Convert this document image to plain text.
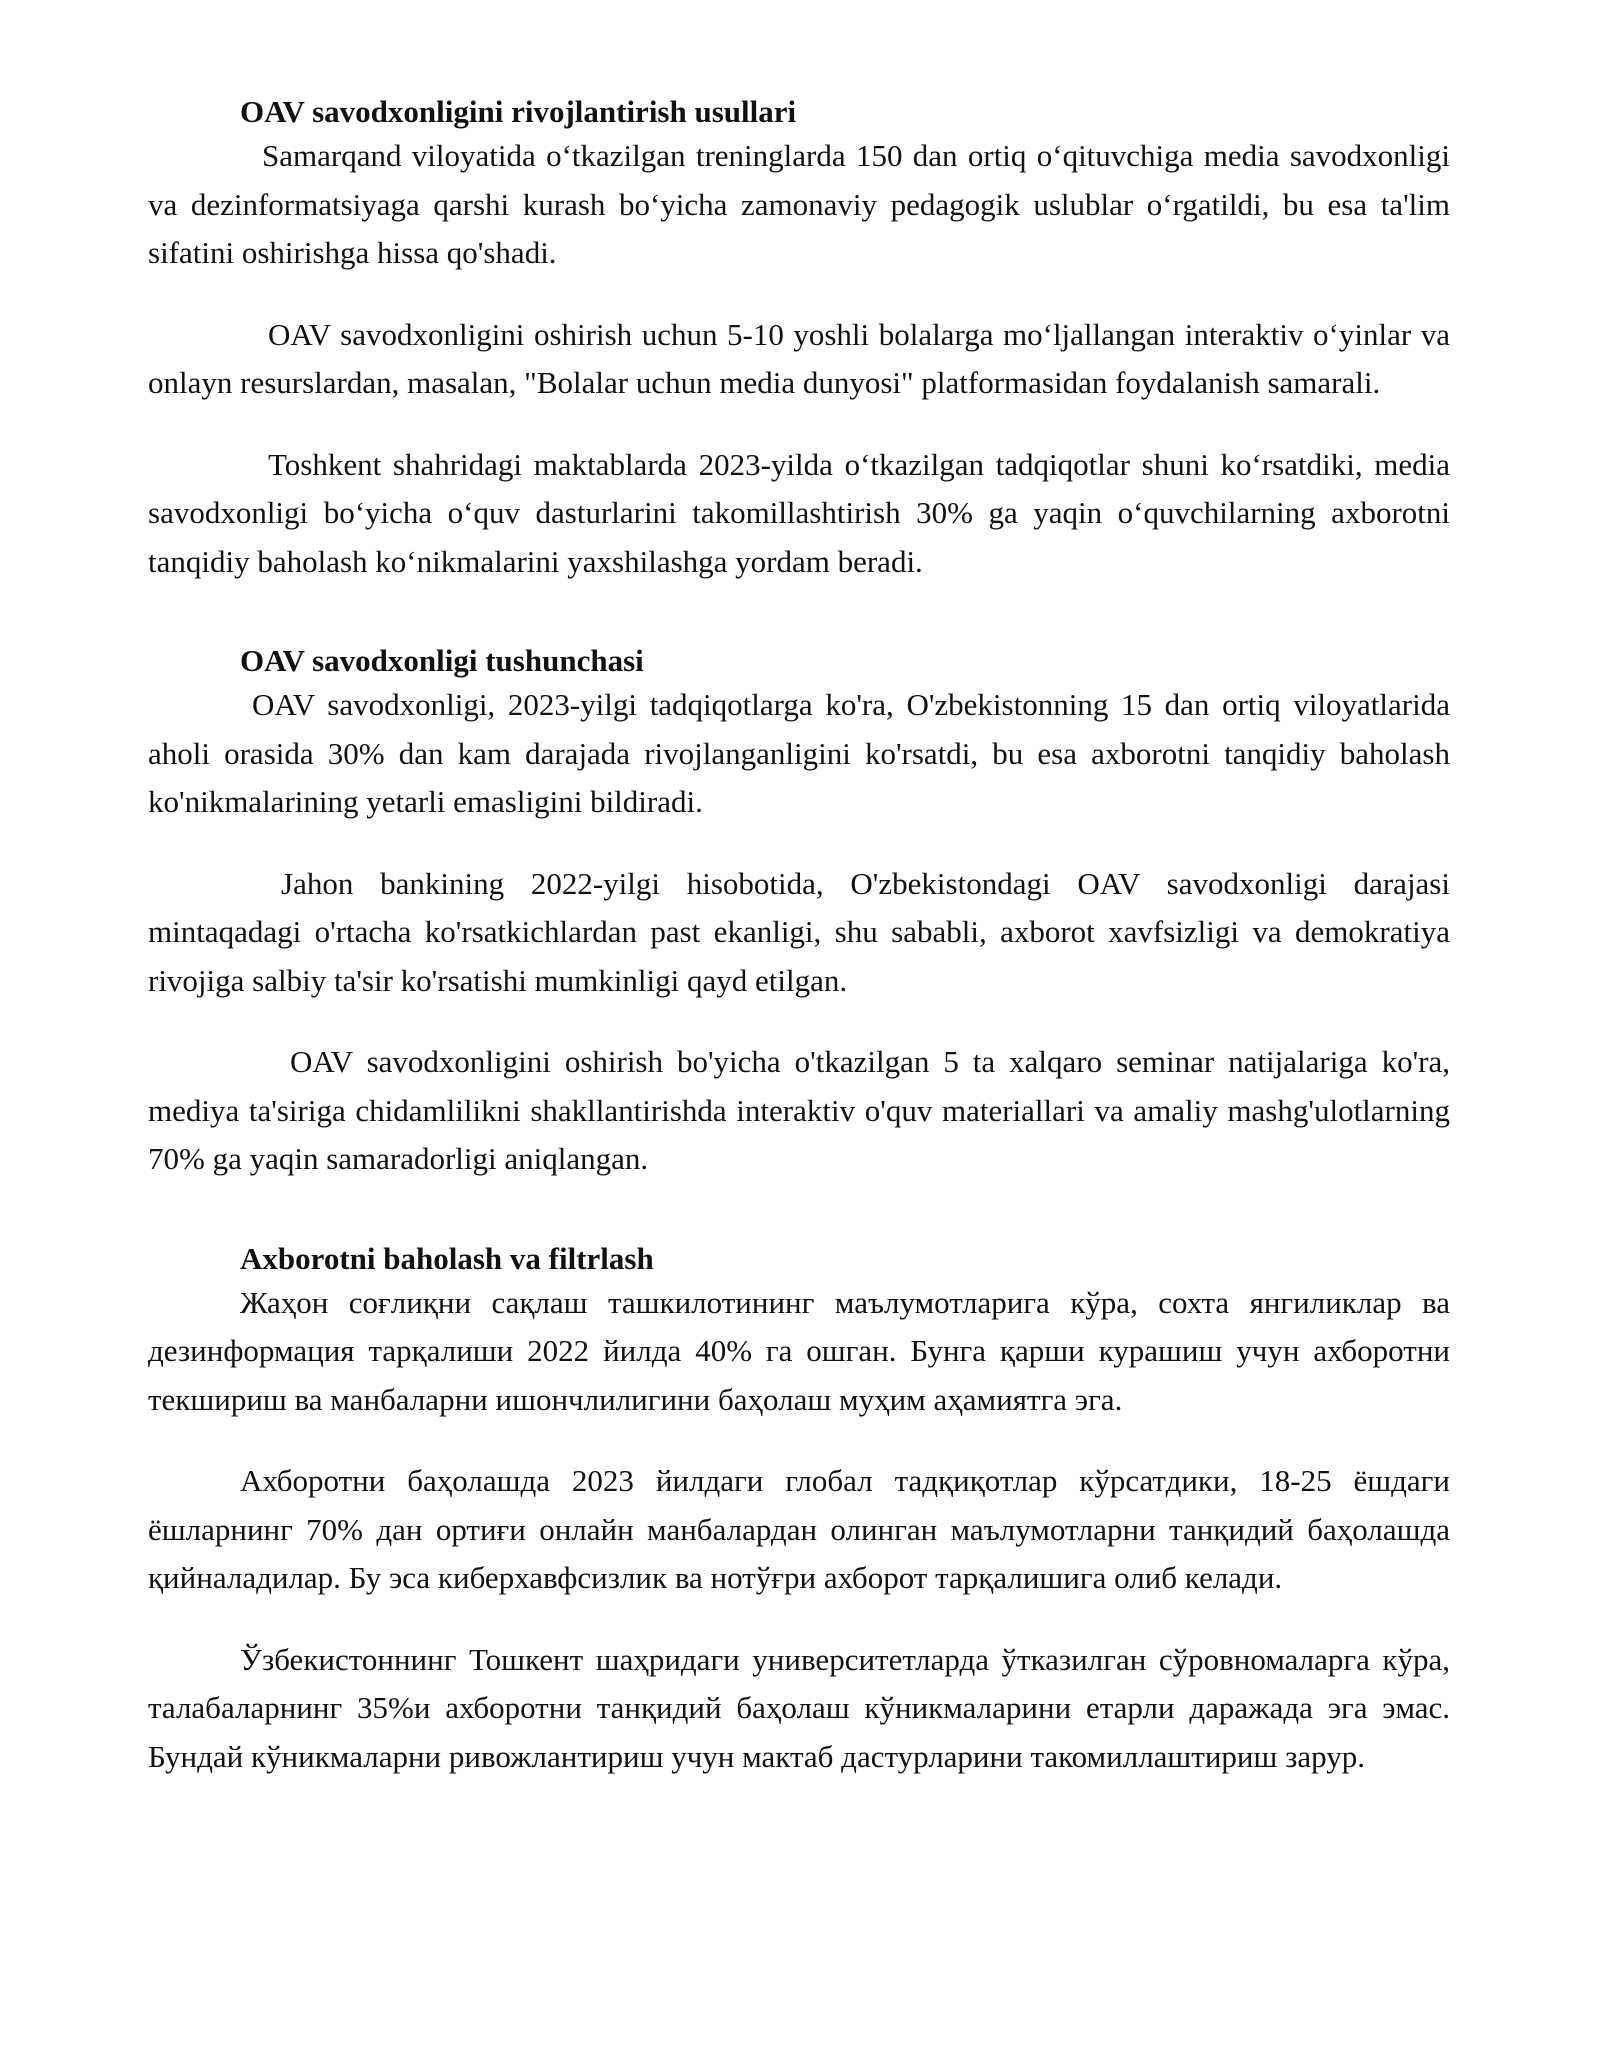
OAV savodxonligini rivojlantirish usullari

Samarqand viloyatida oʻtkazilgan treninglarda 150 dan ortiq oʻqituvchiga media savodxonligi va dezinformatsiyaga qarshi kurash boʻyicha zamonaviy pedagogik uslublar oʻrgatildi, bu esa ta'lim sifatini oshirishga hissa qo'shadi.

OAV savodxonligini oshirish uchun 5-10 yoshli bolalarga moʻljallangan interaktiv oʻyinlar va onlayn resurslardan, masalan, "Bolalar uchun media dunyosi" platformasidan foydalanish samarali.

Toshkent shahridagi maktablarda 2023-yilda oʻtkazilgan tadqiqotlar shuni koʻrsatdiki, media savodxonligi boʻyicha oʻquv dasturlarini takomillashtirish 30% ga yaqin oʻquvchilarning axborotni tanqidiy baholash koʻnikmalarini yaxshilashga yordam beradi.

OAV savodxonligi tushunchasi

OAV savodxonligi, 2023-yilgi tadqiqotlarga ko'ra, O'zbekistonning 15 dan ortiq viloyatlarida aholi orasida 30% dan kam darajada rivojlanganligini ko'rsatdi, bu esa axborotni tanqidiy baholash ko'nikmalarining yetarli emasligini bildiradi.

Jahon bankining 2022-yilgi hisobotida, O'zbekistondagi OAV savodxonligi darajasi mintaqadagi o'rtacha ko'rsatkichlardan past ekanligi, shu sababli, axborot xavfsizligi va demokratiya rivojiga salbiy ta'sir ko'rsatishi mumkinligi qayd etilgan.

OAV savodxonligini oshirish bo'yicha o'tkazilgan 5 ta xalqaro seminar natijalariga ko'ra, mediya ta'siriga chidamlilikni shakllantirishda interaktiv o'quv materiallari va amaliy mashg'ulotlarning 70% ga yaqin samaradorligi aniqlangan.

Axborotni baholash va filtrlash

Жаҳон соғлиқни сақлаш ташкилотининг маълумотларига кўра, сохта янгиликлар ва дезинформация тарқалиши 2022 йилда 40% га ошган. Бунга қарши курашиш учун ахборотни текшириш ва манбаларни ишончлилигини баҳолаш муҳим аҳамиятга эга.

Ахборотни баҳолашда 2023 йилдаги глобал тадқиқотлар кўрсатдики, 18-25 ёшдаги ёшларнинг 70% дан ортиғи онлайн манбалардан олинган маълумотларни танқидий баҳолашда қийналадилар. Бу эса киберхавфсизлик ва нотўғри ахборот тарқалишига олиб келади.

Ўзбекистоннинг Тошкент шаҳридаги университетларда ўтказилган сўровномаларга кўра, талабаларнинг 35%и ахборотни танқидий баҳолаш кўникмаларини етарли даражада эга эмас. Бундай кўникмаларни ривожлантириш учун мактаб дастурларини такомиллаштириш зарур.
